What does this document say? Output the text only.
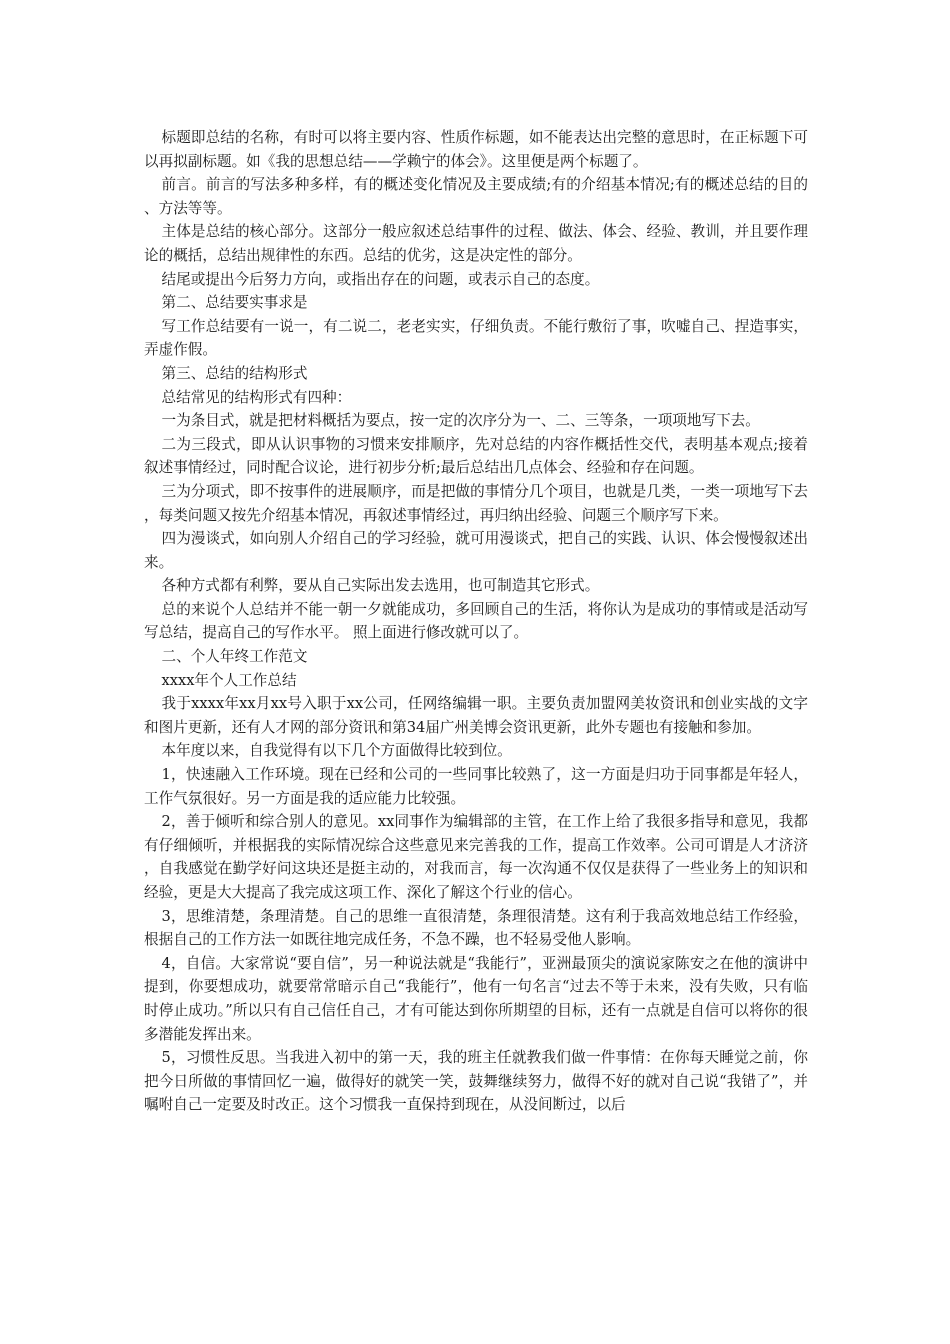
标题即总结的名称，有时可以将主要内容、性质作标题，如不能表达出完整的意思时，在正标题下可以再拟副标题。如《我的思想总结——学赖宁的体会》。这里便是两个标题了。

前言。前言的写法多种多样，有的概述变化情况及主要成绩;有的介绍基本情况;有的概述总结的目的、方法等等。

主体是总结的核心部分。这部分一般应叙述总结事件的过程、做法、体会、经验、教训，并且要作理论的概括，总结出规律性的东西。总结的优劣，这是决定性的部分。

结尾或提出今后努力方向，或指出存在的问题，或表示自己的态度。

第二、总结要实事求是

写工作总结要有一说一，有二说二，老老实实，仔细负责。不能行敷衍了事，吹嘘自己、捏造事实，弄虚作假。

第三、总结的结构形式

总结常见的结构形式有四种：

一为条目式，就是把材料概括为要点，按一定的次序分为一、二、三等条，一项项地写下去。

二为三段式，即从认识事物的习惯来安排顺序，先对总结的内容作概括性交代，表明基本观点;接着叙述事情经过，同时配合议论，进行初步分析;最后总结出几点体会、经验和存在问题。

三为分项式，即不按事件的进展顺序，而是把做的事情分几个项目，也就是几类，一类一项地写下去，每类问题又按先介绍基本情况，再叙述事情经过，再归纳出经验、问题三个顺序写下来。

四为漫谈式，如向别人介绍自己的学习经验，就可用漫谈式，把自己的实践、认识、体会慢慢叙述出来。

各种方式都有利弊，要从自己实际出发去选用，也可制造其它形式。

总的来说个人总结并不能一朝一夕就能成功，多回顾自己的生活，将你认为是成功的事情或是活动写写总结，提高自己的写作水平。 照上面进行修改就可以了。

二、个人年终工作范文

xxxx年个人工作总结

我于xxxx年xx月xx号入职于xx公司，任网络编辑一职。主要负责加盟网美妆资讯和创业实战的文字和图片更新，还有人才网的部分资讯和第34届广州美博会资讯更新，此外专题也有接触和参加。

本年度以来，自我觉得有以下几个方面做得比较到位。

1，快速融入工作环境。现在已经和公司的一些同事比较熟了，这一方面是归功于同事都是年轻人，工作气氛很好。另一方面是我的适应能力比较强。

2，善于倾听和综合别人的意见。xx同事作为编辑部的主管，在工作上给了我很多指导和意见，我都有仔细倾听，并根据我的实际情况综合这些意见来完善我的工作，提高工作效率。公司可谓是人才济济，自我感觉在勤学好问这块还是挺主动的，对我而言，每一次沟通不仅仅是获得了一些业务上的知识和经验，更是大大提高了我完成这项工作、深化了解这个行业的信心。

3，思维清楚，条理清楚。自己的思维一直很清楚，条理很清楚。这有利于我高效地总结工作经验，根据自己的工作方法一如既往地完成任务，不急不躁，也不轻易受他人影响。

4，自信。大家常说“要自信”，另一种说法就是“我能行”，亚洲最顶尖的演说家陈安之在他的演讲中提到，你要想成功，就要常常暗示自己“我能行”，他有一句名言“过去不等于未来，没有失败，只有临时停止成功。”所以只有自己信任自己，才有可能达到你所期望的目标，还有一点就是自信可以将你的很多潜能发挥出来。

5，习惯性反思。当我进入初中的第一天，我的班主任就教我们做一件事情：在你每天睡觉之前，你把今日所做的事情回忆一遍，做得好的就笑一笑，鼓舞继续努力，做得不好的就对自己说“我错了”，并嘱咐自己一定要及时改正。这个习惯我一直保持到现在，从没间断过，以后
